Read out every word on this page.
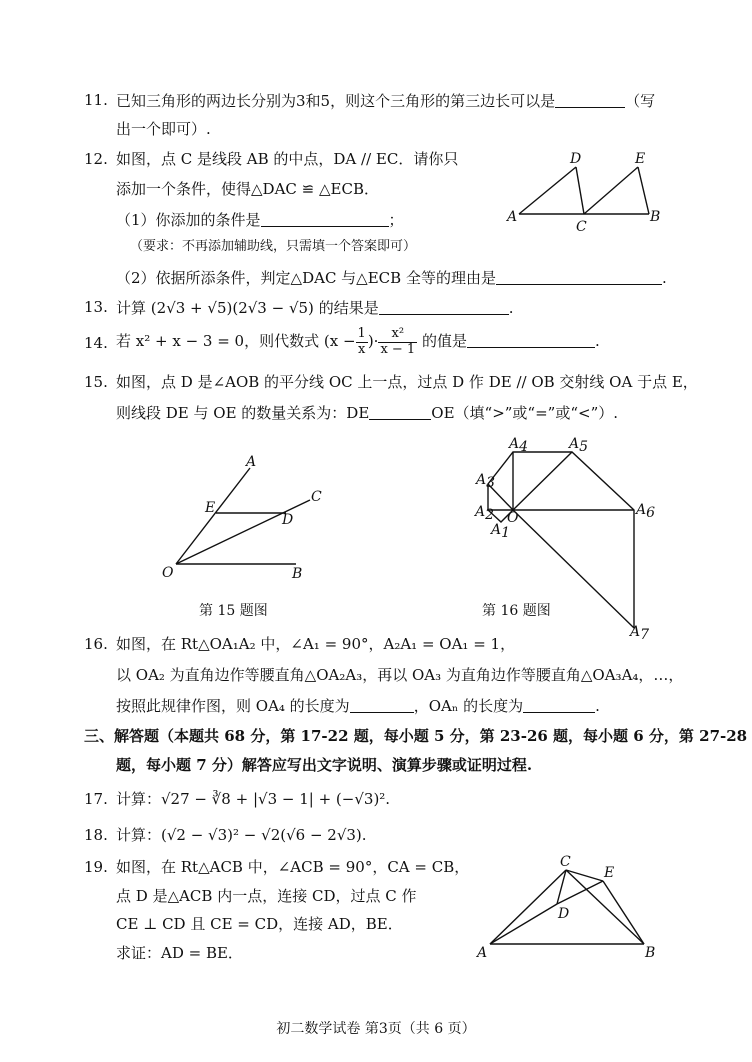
11. 已知三角形的两边长分别为3和5，则这个三角形的第三边长可以是	（写
出一个即可）.
12. 如图，点 C 是线段 AB 的中点，DA // EC．请你只
添加一个条件，使得△DAC ≌ △ECB．
（1）你添加的条件是	；
（要求：不再添加辅助线，只需填一个答案即可）
（2）依据所添条件，判定△DAC 与△ECB 全等的理由是	.
D	E
A
C
B
13. 计算 (2√3 + √5)(2√3 − √5) 的结果是	.
14. 若 x² + x − 3 = 0，则代数式 ($x - \frac{1}{x}$ )· $\frac{\text{x²}}{x - 1}$ 的值是	.
15. 如图，点 D 是∠AOB 的平分线 OC 上一点，过点 D 作 DE // OB 交射线 OA 于点 E，
则线段 DE 与 OE 的数量关系为：DE	OE（填“>”或“=”或“<”）.
A
E
C
D
O	B
第 15 题图
A3
A4	A5
A6
A2 O
A1
A7
第 16 题图
16. 如图，在 Rt△OA₁A₂ 中，∠A₁ = 90°，A₂A₁ = OA₁ = 1，
以 OA₂ 为直角边作等腰直角△OA₂A₃，再以 OA₃ 为直角边作等腰直角△OA₃A₄，…，
按照此规律作图，则 OA₄ 的长度为	，OAₙ 的长度为	.
三、解答题（本题共 68 分，第 17-22 题，每小题 5 分，第 23-26 题，每小题 6 分，第 27-28
题，每小题 7 分）解答应写出文字说明、演算步骤或证明过程.
17. 计算：√27 − ∛8 + |√3 − 1| + (−√3)².
18. 计算：(√2 − √3)² − √2(√6 − 2√3).
19. 如图，在 Rt△ACB 中，∠ACB = 90°，CA = CB，
点 D 是△ACB 内一点，连接 CD，过点 C 作
CE ⊥ CD 且 CE = CD，连接 AD，BE．
求证：AD = BE．
C
E
D
A	B
初二数学试卷 第3页（共 6 页）
